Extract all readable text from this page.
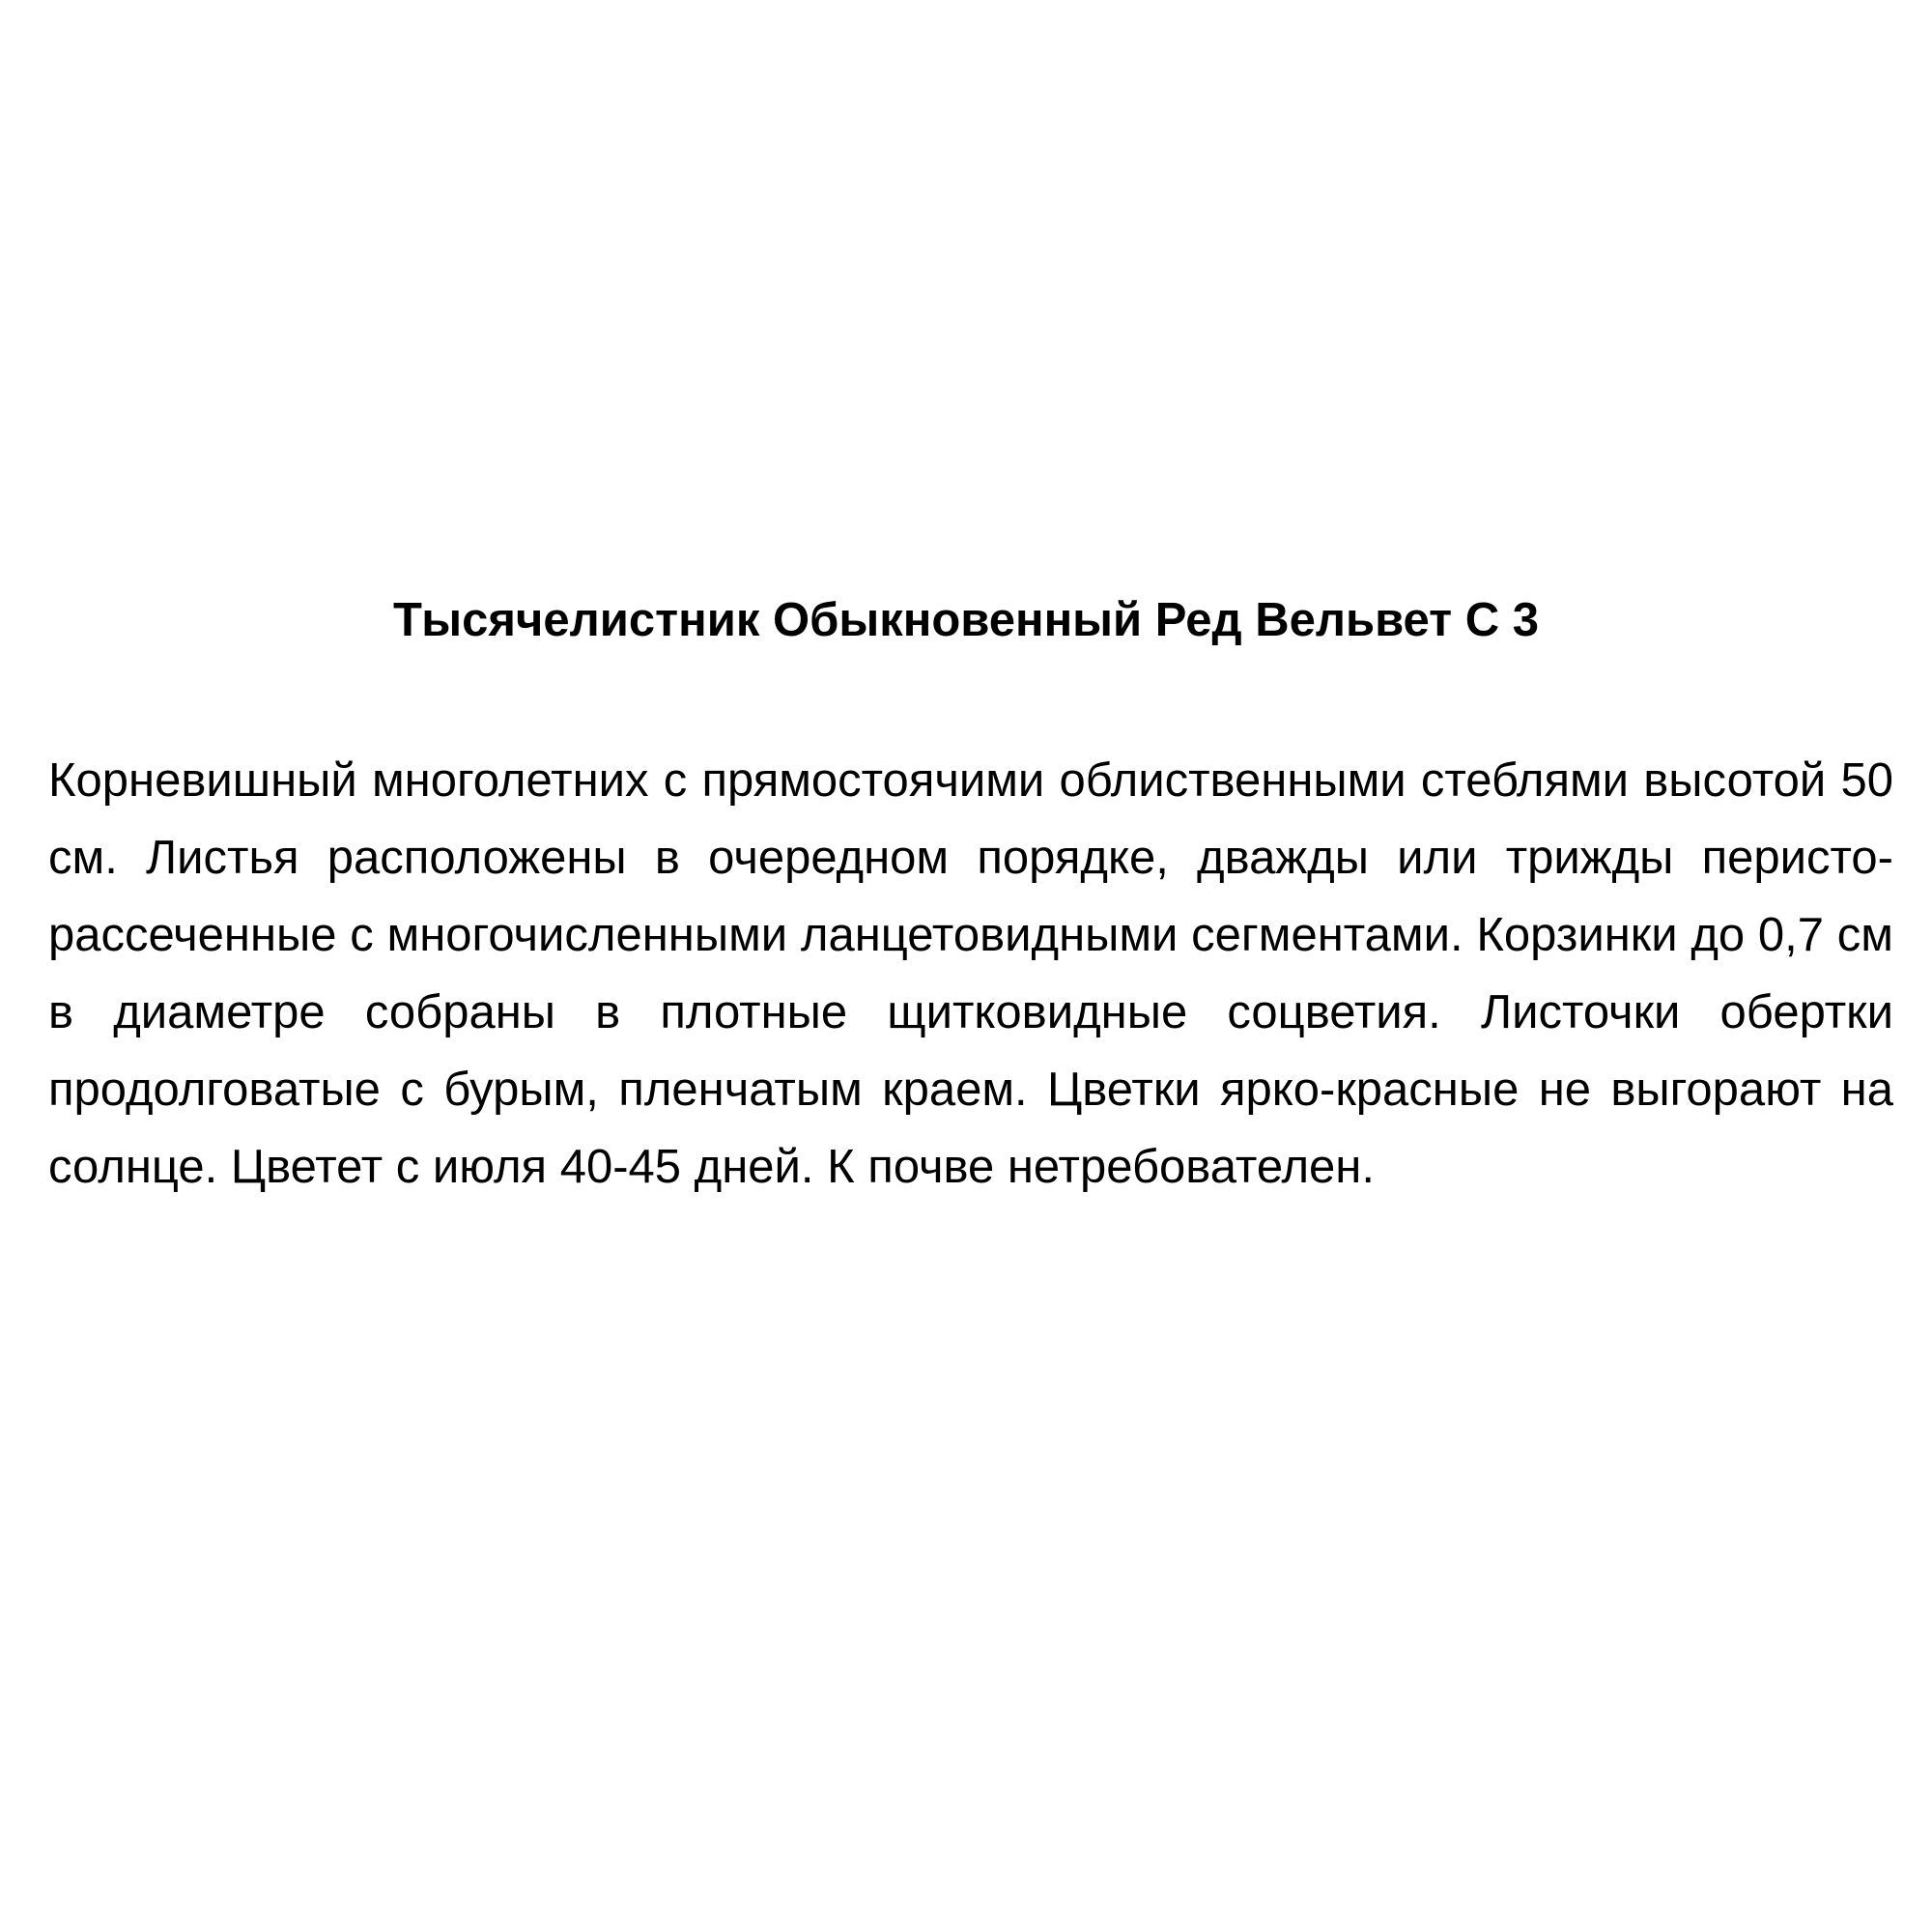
Тысячелистник Обыкновенный Ред Вельвет С 3

Корневишный многолетних с прямостоячими облиственными стеблями высотой 50 см. Листья расположены в очередном порядке, дважды или трижды перисто-рассеченные с многочисленными ланцетовидными сегментами. Корзинки до 0,7 см в диаметре собраны в плотные щитковидные соцветия. Листочки обертки продолговатые с бурым, пленчатым краем. Цветки ярко-красные не выгорают на солнце. Цветет с июля 40-45 дней. К почве нетребователен.
